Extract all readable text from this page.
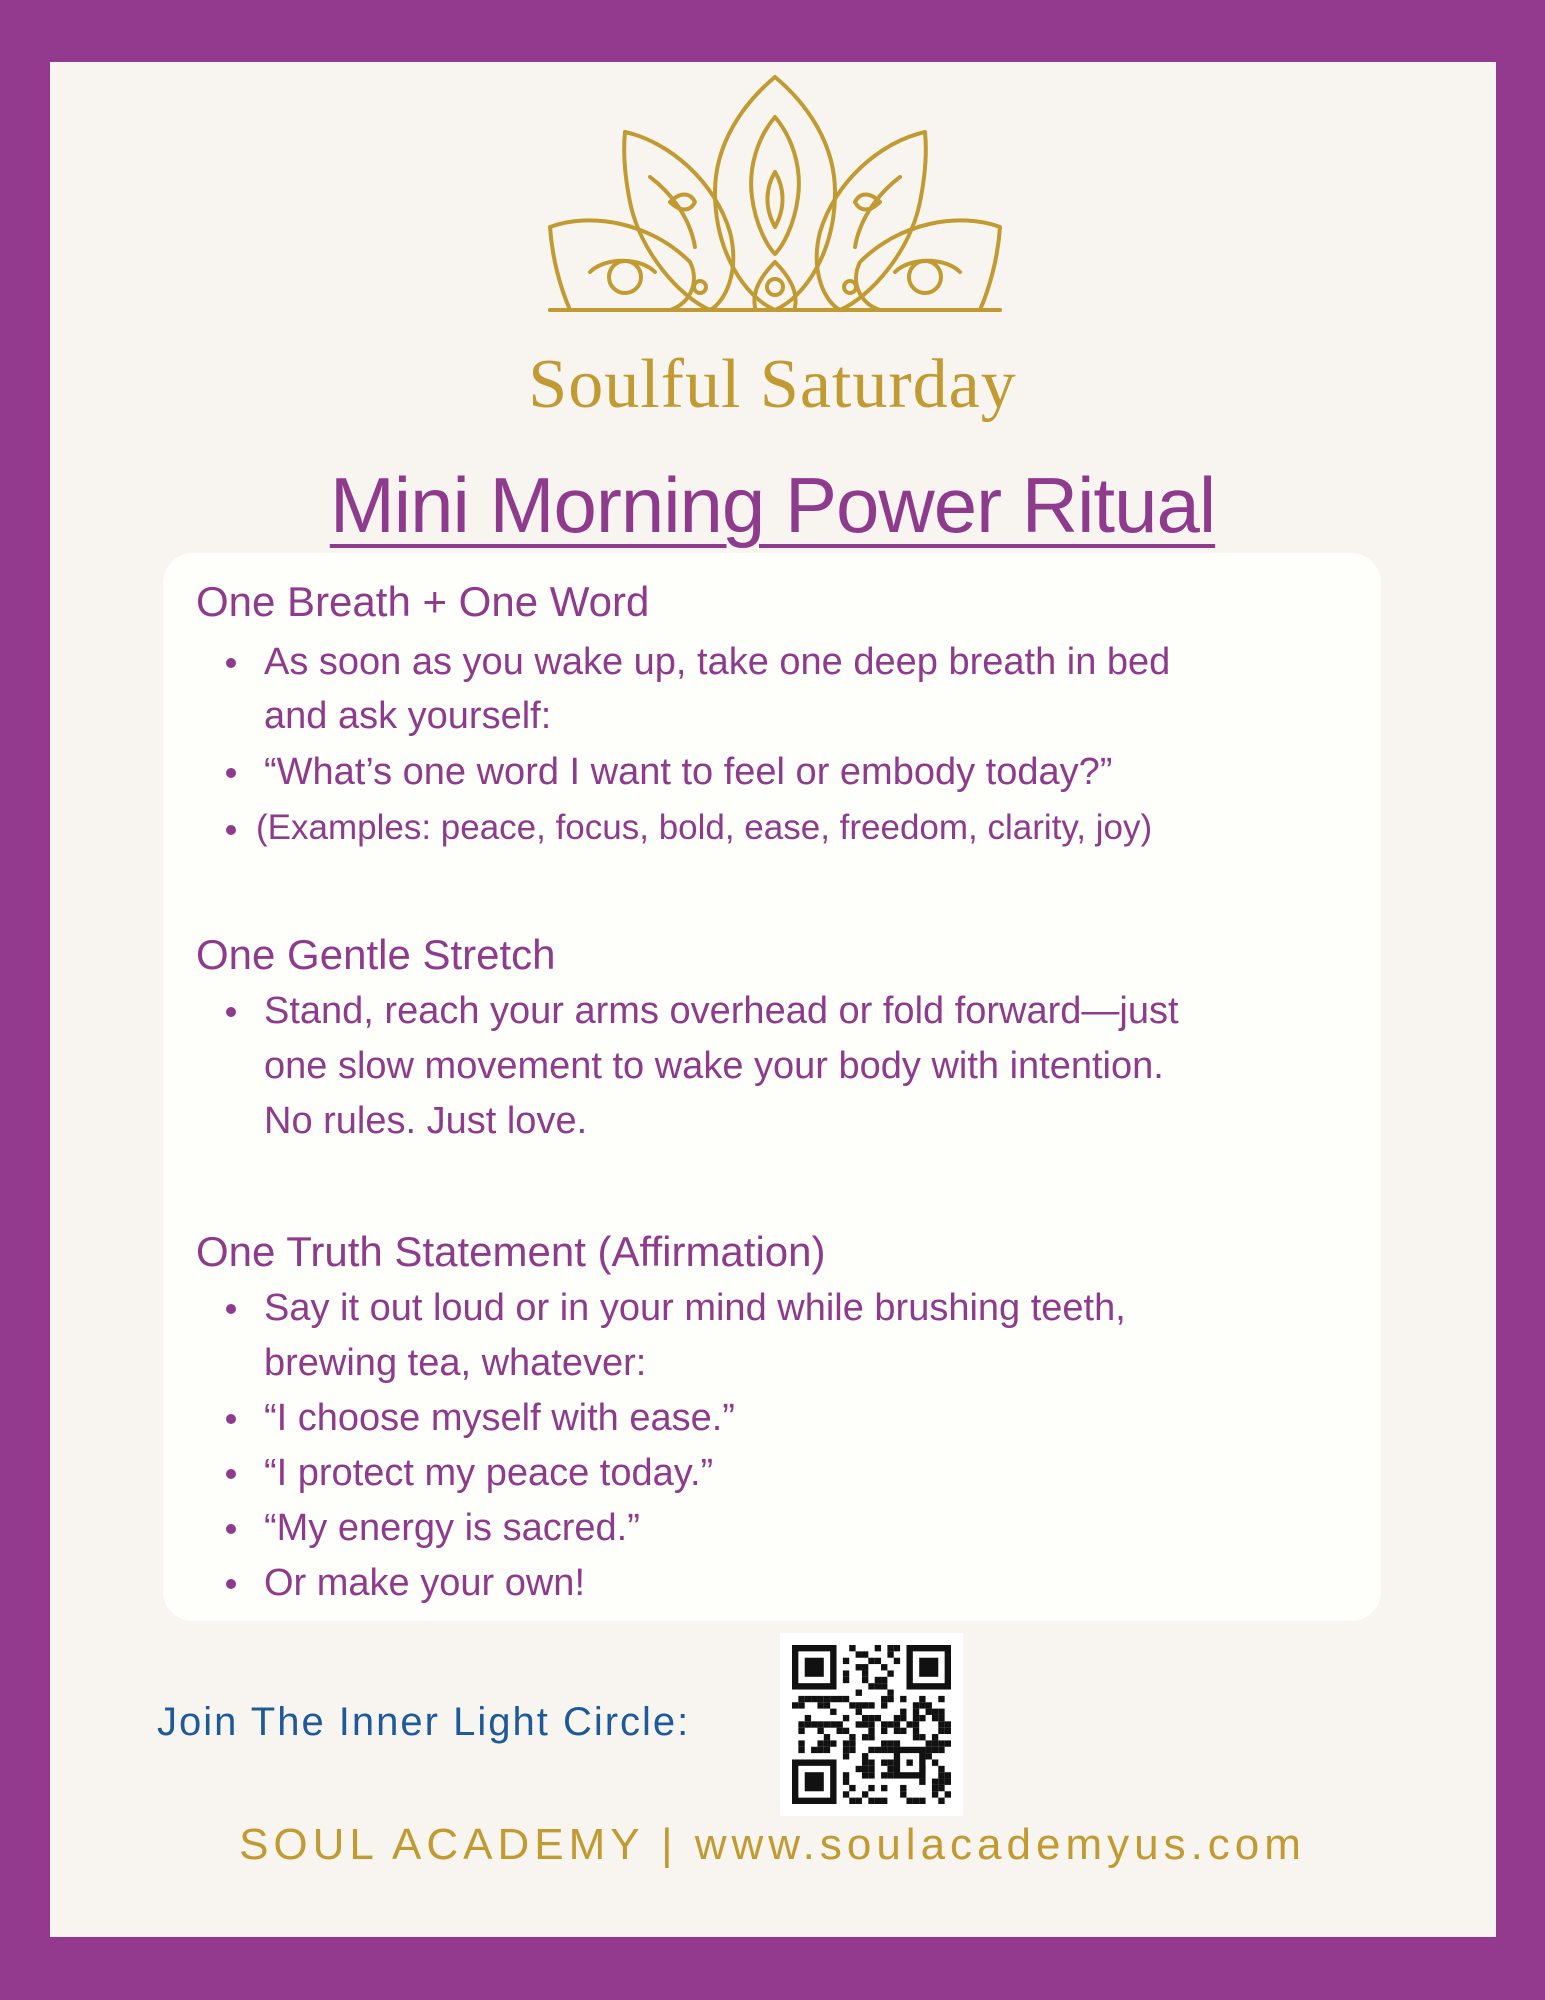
Soulful Saturday
Mini Morning Power Ritual
One Breath + One Word
As soon as you wake up, take one deep breath in bed
and ask yourself:
“What’s one word I want to feel or embody today?”
(Examples: peace, focus, bold, ease, freedom, clarity, joy)
One Gentle Stretch
Stand, reach your arms overhead or fold forward—just
one slow movement to wake your body with intention.
No rules. Just love.
One Truth Statement (Affirmation)
Say it out loud or in your mind while brushing teeth,
brewing tea, whatever:
“I choose myself with ease.”
“I protect my peace today.”
“My energy is sacred.”
Or make your own!
Join The Inner Light Circle:
SOUL ACADEMY | www.soulacademyus.com
